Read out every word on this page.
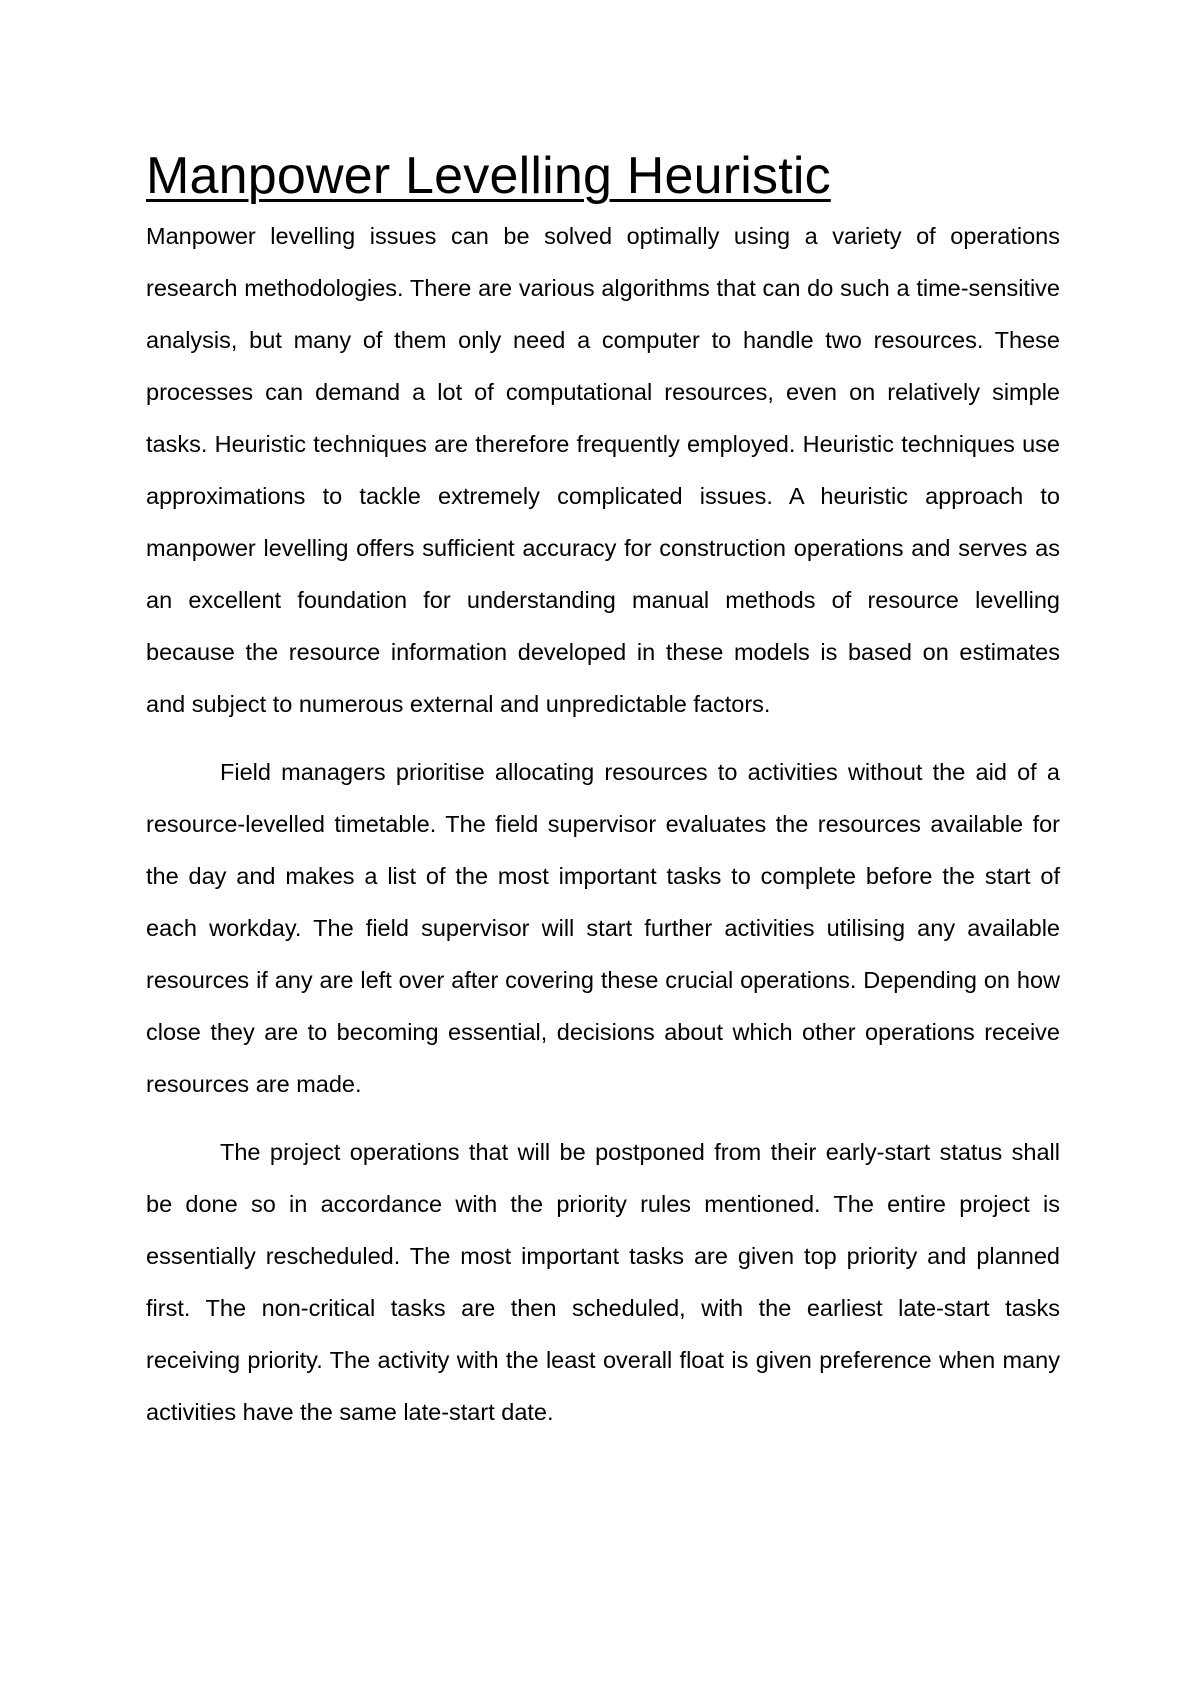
Manpower Levelling Heuristic

Manpower levelling issues can be solved optimally using a variety of operations research methodologies. There are various algorithms that can do such a time-sensitive analysis, but many of them only need a computer to handle two resources. These processes can demand a lot of computational resources, even on relatively simple tasks. Heuristic techniques are therefore frequently employed. Heuristic techniques use approximations to tackle extremely complicated issues. A heuristic approach to manpower levelling offers sufficient accuracy for construction operations and serves as an excellent foundation for understanding manual methods of resource levelling because the resource information developed in these models is based on estimates and subject to numerous external and unpredictable factors.

Field managers prioritise allocating resources to activities without the aid of a resource-levelled timetable. The field supervisor evaluates the resources available for the day and makes a list of the most important tasks to complete before the start of each workday. The field supervisor will start further activities utilising any available resources if any are left over after covering these crucial operations. Depending on how close they are to becoming essential, decisions about which other operations receive resources are made.

The project operations that will be postponed from their early-start status shall be done so in accordance with the priority rules mentioned. The entire project is essentially rescheduled. The most important tasks are given top priority and planned first. The non-critical tasks are then scheduled, with the earliest late-start tasks receiving priority. The activity with the least overall float is given preference when many activities have the same late-start date.
